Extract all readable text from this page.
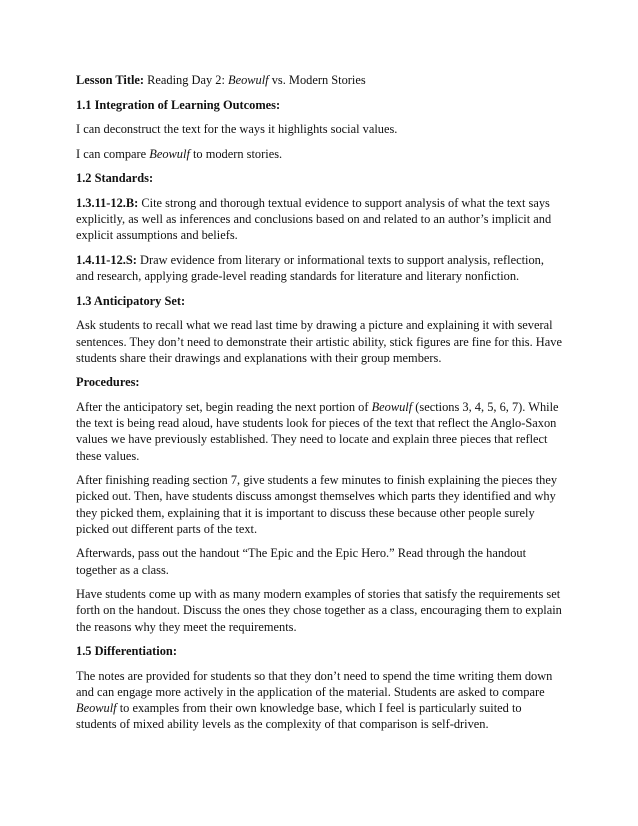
Lesson Title: Reading Day 2: Beowulf vs. Modern Stories

1.1 Integration of Learning Outcomes:

I can deconstruct the text for the ways it highlights social values.

I can compare Beowulf to modern stories.

1.2 Standards:

1.3.11-12.B: Cite strong and thorough textual evidence to support analysis of what the text says explicitly, as well as inferences and conclusions based on and related to an author’s implicit and explicit assumptions and beliefs.

1.4.11-12.S: Draw evidence from literary or informational texts to support analysis, reflection, and research, applying grade-level reading standards for literature and literary nonfiction.

1.3 Anticipatory Set:

Ask students to recall what we read last time by drawing a picture and explaining it with several sentences. They don’t need to demonstrate their artistic ability, stick figures are fine for this. Have students share their drawings and explanations with their group members.

Procedures:

After the anticipatory set, begin reading the next portion of Beowulf (sections 3, 4, 5, 6, 7). While the text is being read aloud, have students look for pieces of the text that reflect the Anglo-Saxon values we have previously established. They need to locate and explain three pieces that reflect these values.

After finishing reading section 7, give students a few minutes to finish explaining the pieces they picked out. Then, have students discuss amongst themselves which parts they identified and why they picked them, explaining that it is important to discuss these because other people surely picked out different parts of the text.

Afterwards, pass out the handout “The Epic and the Epic Hero.” Read through the handout together as a class.

Have students come up with as many modern examples of stories that satisfy the requirements set forth on the handout. Discuss the ones they chose together as a class, encouraging them to explain the reasons why they meet the requirements.

1.5 Differentiation:

The notes are provided for students so that they don’t need to spend the time writing them down and can engage more actively in the application of the material. Students are asked to compare Beowulf to examples from their own knowledge base, which I feel is particularly suited to students of mixed ability levels as the complexity of that comparison is self-driven.
